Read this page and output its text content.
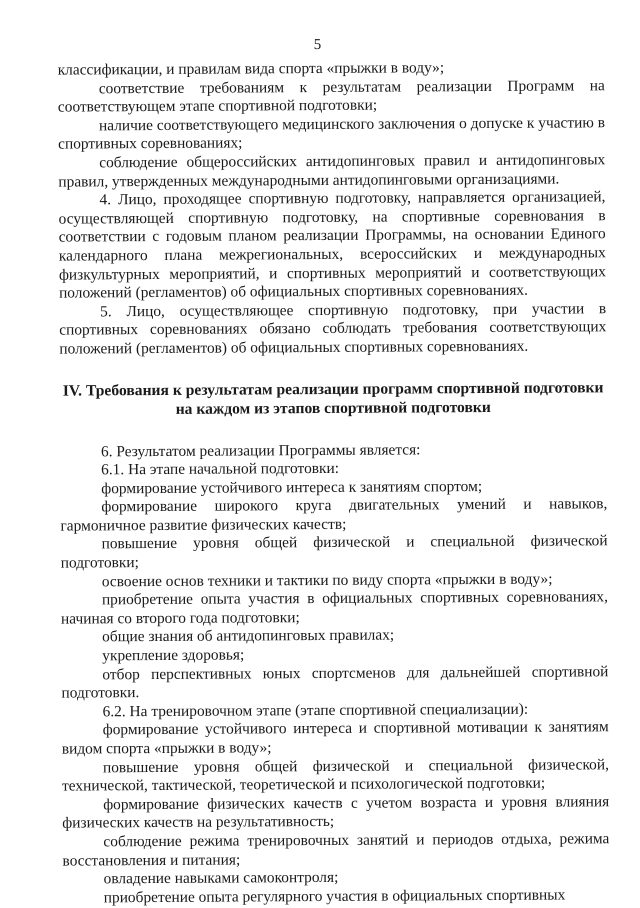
5

классификации, и правилам вида спорта «прыжки в воду»;

соответствие требованиям к результатам реализации Программ на соответствующем этапе спортивной подготовки;

наличие соответствующего медицинского заключения о допуске к участию в спортивных соревнованиях;

соблюдение общероссийских антидопинговых правил и антидопинговых правил, утвержденных международными антидопинговыми организациями.

4. Лицо, проходящее спортивную подготовку, направляется организацией, осуществляющей спортивную подготовку, на спортивные соревнования в соответствии с годовым планом реализации Программы, на основании Единого календарного плана межрегиональных, всероссийских и международных физкультурных мероприятий, и спортивных мероприятий и соответствующих положений (регламентов) об официальных спортивных соревнованиях.

5. Лицо, осуществляющее спортивную подготовку, при участии в спортивных соревнованиях обязано соблюдать требования соответствующих положений (регламентов) об официальных спортивных соревнованиях.

IV. Требования к результатам реализации программ спортивной подготовки
на каждом из этапов спортивной подготовки

6. Результатом реализации Программы является:

6.1. На этапе начальной подготовки:

формирование устойчивого интереса к занятиям спортом;

формирование широкого круга двигательных умений и навыков, гармоничное развитие физических качеств;

повышение уровня общей физической и специальной физической подготовки;

освоение основ техники и тактики по виду спорта «прыжки в воду»;

приобретение опыта участия в официальных спортивных соревнованиях, начиная со второго года подготовки;

общие знания об антидопинговых правилах;

укрепление здоровья;

отбор перспективных юных спортсменов для дальнейшей спортивной подготовки.

6.2. На тренировочном этапе (этапе спортивной специализации):

формирование устойчивого интереса и спортивной мотивации к занятиям видом спорта «прыжки в воду»;

повышение уровня общей физической и специальной физической, технической, тактической, теоретической и психологической подготовки;

формирование физических качеств с учетом возраста и уровня влияния физических качеств на результативность;

соблюдение режима тренировочных занятий и периодов отдыха, режима восстановления и питания;

овладение навыками самоконтроля;

приобретение опыта регулярного участия в официальных спортивных
